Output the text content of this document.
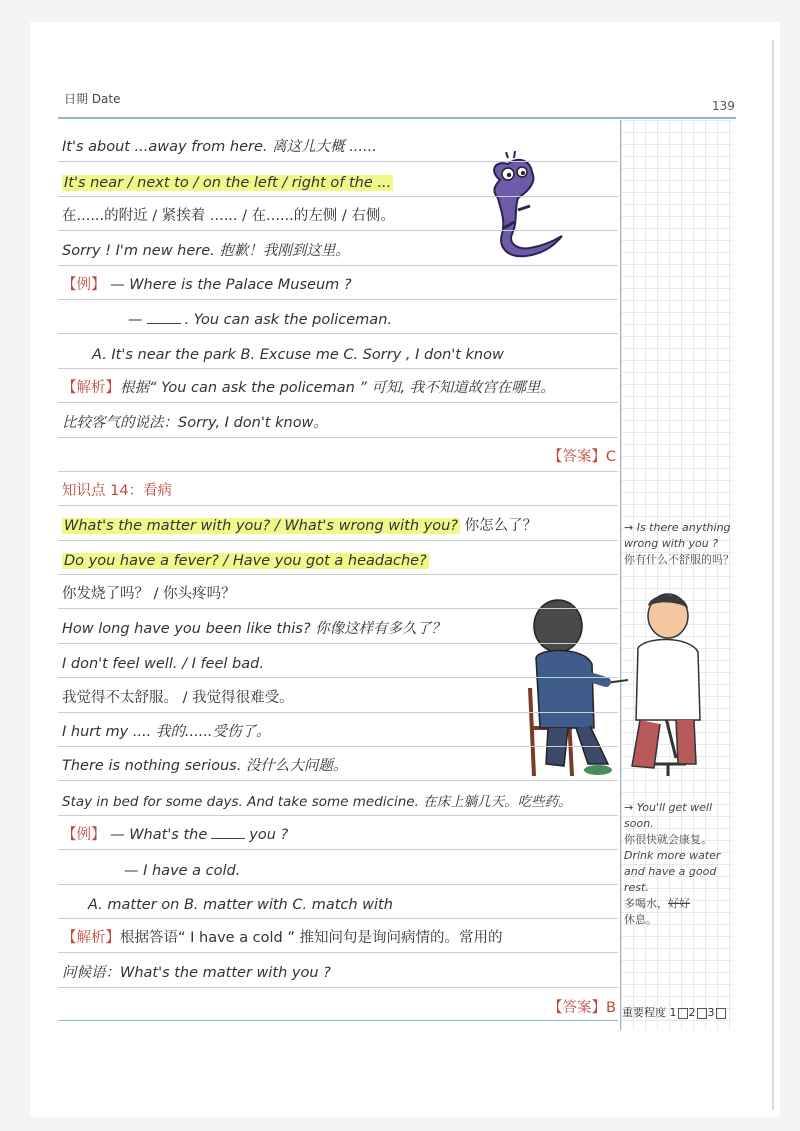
日期 Date	139
→ Is there anything wrong with you ?
你有什么不舒服的吗？
→ You'll get well soon.
你很快就会康复。
Drink more water and have a good rest.
多喝水，好好
休息。
It's about ...away from here. 离这儿大概 ......
It's near / next to / on the left / right of the ...
在......的附近 / 紧挨着 ...... / 在......的左侧 / 右侧。
Sorry ! I'm new here. 抱歉！我刚到这里。
【例】 — Where is the Palace Museum ?
—	. You can ask the policeman.
A. It's near the park B. Excuse me C. Sorry , I don't know
【解析】根据“ You can ask the policeman ” 可知, 我不知道故宫在哪里。
比较客气的说法：Sorry, I don't know。
【答案】C
知识点 14：看病
What's the matter with you? / What's wrong with you? 你怎么了？
Do you have a fever? / Have you got a headache?
你发烧了吗？ / 你头疼吗？
How long have you been like this? 你像这样有多久了？
I don't feel well. / I feel bad.
我觉得不太舒服。 / 我觉得很难受。
I hurt my .... 我的......受伤了。
There is nothing serious. 没什么大问题。
Stay in bed for some days. And take some medicine. 在床上躺几天。吃些药。
【例】 — What's the	you ?
— I have a cold.
A. matter on B. matter with C. match with
【解析】根据答语“ I have a cold ” 推知问句是询问病情的。常用的
问候语：What's the matter with you ?
【答案】B 重要程度 1 2 3
